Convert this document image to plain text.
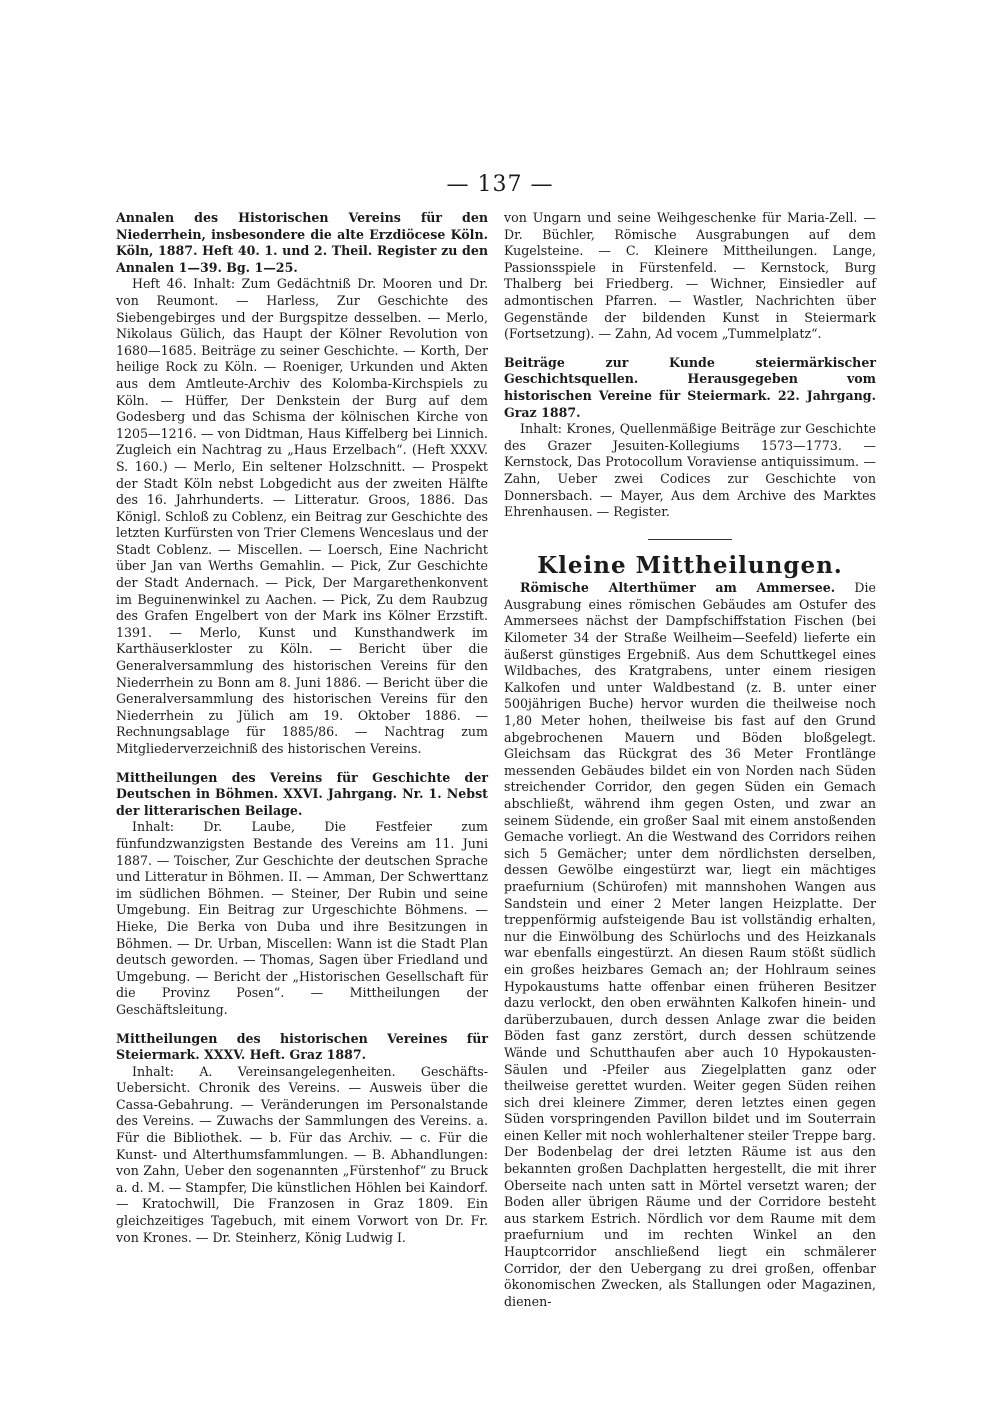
— 137 —

Annalen des Historischen Vereins für den Niederrhein, insbesondere die alte Erzdiöcese Köln. Köln, 1887. Heft 40. 1. und 2. Theil. Register zu den Annalen 1—39. Bg. 1—25.

Heft 46. Inhalt: Zum Gedächtniß Dr. Mooren und Dr. von Reumont. — Harless, Zur Geschichte des Siebengebirges und der Burgspitze desselben. — Merlo, Nikolaus Gülich, das Haupt der Kölner Revolution von 1680—1685. Beiträge zu seiner Geschichte. — Korth, Der heilige Rock zu Köln. — Roeniger, Urkunden und Akten aus dem Amtleute-Archiv des Kolomba-Kirchspiels zu Köln. — Hüffer, Der Denkstein der Burg auf dem Godesberg und das Schisma der kölnischen Kirche von 1205—1216. — von Didtman, Haus Kiffelberg bei Linnich. Zugleich ein Nachtrag zu „Haus Erzelbach“. (Heft XXXV. S. 160.) — Merlo, Ein seltener Holzschnitt. — Prospekt der Stadt Köln nebst Lobgedicht aus der zweiten Hälfte des 16. Jahrhunderts. — Litteratur. Groos, 1886. Das Königl. Schloß zu Coblenz, ein Beitrag zur Geschichte des letzten Kurfürsten von Trier Clemens Wenceslaus und der Stadt Coblenz. — Miscellen. — Loersch, Eine Nachricht über Jan van Werths Gemahlin. — Pick, Zur Geschichte der Stadt Andernach. — Pick, Der Margarethenkonvent im Beguinenwinkel zu Aachen. — Pick, Zu dem Raubzug des Grafen Engelbert von der Mark ins Kölner Erzstift. 1391. — Merlo, Kunst und Kunsthandwerk im Karthäuserkloster zu Köln. — Bericht über die Generalversammlung des historischen Vereins für den Niederrhein zu Bonn am 8. Juni 1886. — Bericht über die Generalversammlung des historischen Vereins für den Niederrhein zu Jülich am 19. Oktober 1886. — Rechnungsablage für 1885/86. — Nachtrag zum Mitgliederverzeichniß des historischen Vereins.

Mittheilungen des Vereins für Geschichte der Deutschen in Böhmen. XXVI. Jahrgang. Nr. 1. Nebst der litterarischen Beilage.

Inhalt: Dr. Laube, Die Festfeier zum fünfundzwanzigsten Bestande des Vereins am 11. Juni 1887. — Toischer, Zur Geschichte der deutschen Sprache und Litteratur in Böhmen. II. — Amman, Der Schwerttanz im südlichen Böhmen. — Steiner, Der Rubin und seine Umgebung. Ein Beitrag zur Urgeschichte Böhmens. — Hieke, Die Berka von Duba und ihre Besitzungen in Böhmen. — Dr. Urban, Miscellen: Wann ist die Stadt Plan deutsch geworden. — Thomas, Sagen über Friedland und Umgebung. — Bericht der „Historischen Gesellschaft für die Provinz Posen“. — Mittheilungen der Geschäftsleitung.

Mittheilungen des historischen Vereines für Steiermark. XXXV. Heft. Graz 1887.

Inhalt: A. Vereinsangelegenheiten. Geschäfts-Uebersicht. Chronik des Vereins. — Ausweis über die Cassa-Gebahrung. — Veränderungen im Personalstande des Vereins. — Zuwachs der Sammlungen des Vereins. a. Für die Bibliothek. — b. Für das Archiv. — c. Für die Kunst- und Alterthumsfammlungen. — B. Abhandlungen: von Zahn, Ueber den sogenannten „Fürstenhof“ zu Bruck a. d. M. — Stampfer, Die künstlichen Höhlen bei Kaindorf. — Kratochwill, Die Franzosen in Graz 1809. Ein gleichzeitiges Tagebuch, mit einem Vorwort von Dr. Fr. von Krones. — Dr. Steinherz, König Ludwig I.

von Ungarn und seine Weihgeschenke für Maria-Zell. — Dr. Büchler, Römische Ausgrabungen auf dem Kugelsteine. — C. Kleinere Mittheilungen. Lange, Passionsspiele in Fürstenfeld. — Kernstock, Burg Thalberg bei Friedberg. — Wichner, Einsiedler auf admontischen Pfarren. — Wastler, Nachrichten über Gegenstände der bildenden Kunst in Steiermark (Fortsetzung). — Zahn, Ad vocem „Tummelplatz“.

Beiträge zur Kunde steiermärkischer Geschichtsquellen. Herausgegeben vom historischen Vereine für Steiermark. 22. Jahrgang. Graz 1887.

Inhalt: Krones, Quellenmäßige Beiträge zur Geschichte des Grazer Jesuiten-Kollegiums 1573—1773. — Kernstock, Das Protocollum Voraviense antiquissimum. — Zahn, Ueber zwei Codices zur Geschichte von Donnersbach. — Mayer, Aus dem Archive des Marktes Ehrenhausen. — Register.

Kleine Mittheilungen.

Römische Alterthümer am Ammersee. Die Ausgrabung eines römischen Gebäudes am Ostufer des Ammersees nächst der Dampfschiffstation Fischen (bei Kilometer 34 der Straße Weilheim—Seefeld) lieferte ein äußerst günstiges Ergebniß. Aus dem Schuttkegel eines Wildbaches, des Kratgrabens, unter einem riesigen Kalkofen und unter Waldbestand (z. B. unter einer 500jährigen Buche) hervor wurden die theilweise noch 1,80 Meter hohen, theilweise bis fast auf den Grund abgebrochenen Mauern und Böden bloßgelegt. Gleichsam das Rückgrat des 36 Meter Frontlänge messenden Gebäudes bildet ein von Norden nach Süden streichender Corridor, den gegen Süden ein Gemach abschließt, während ihm gegen Osten, und zwar an seinem Südende, ein großer Saal mit einem anstoßenden Gemache vorliegt. An die Westwand des Corridors reihen sich 5 Gemächer; unter dem nördlichsten derselben, dessen Gewölbe eingestürzt war, liegt ein mächtiges praefurnium (Schürofen) mit mannshohen Wangen aus Sandstein und einer 2 Meter langen Heizplatte. Der treppenförmig aufsteigende Bau ist vollständig erhalten, nur die Einwölbung des Schürlochs und des Heizkanals war ebenfalls eingestürzt. An diesen Raum stößt südlich ein großes heizbares Gemach an; der Hohlraum seines Hypokaustums hatte offenbar einen früheren Besitzer dazu verlockt, den oben erwähnten Kalkofen hinein- und darüberzubauen, durch dessen Anlage zwar die beiden Böden fast ganz zerstört, durch dessen schützende Wände und Schutthaufen aber auch 10 Hypokausten-Säulen und -Pfeiler aus Ziegelplatten ganz oder theilweise gerettet wurden. Weiter gegen Süden reihen sich drei kleinere Zimmer, deren letztes einen gegen Süden vorspringenden Pavillon bildet und im Souterrain einen Keller mit noch wohlerhaltener steiler Treppe barg. Der Bodenbelag der drei letzten Räume ist aus den bekannten großen Dachplatten hergestellt, die mit ihrer Oberseite nach unten satt in Mörtel versetzt waren; der Boden aller übrigen Räume und der Corridore besteht aus starkem Estrich. Nördlich vor dem Raume mit dem praefurnium und im rechten Winkel an den Hauptcorridor anschließend liegt ein schmälerer Corridor, der den Uebergang zu drei großen, offenbar ökonomischen Zwecken, als Stallungen oder Magazinen, dienen-
